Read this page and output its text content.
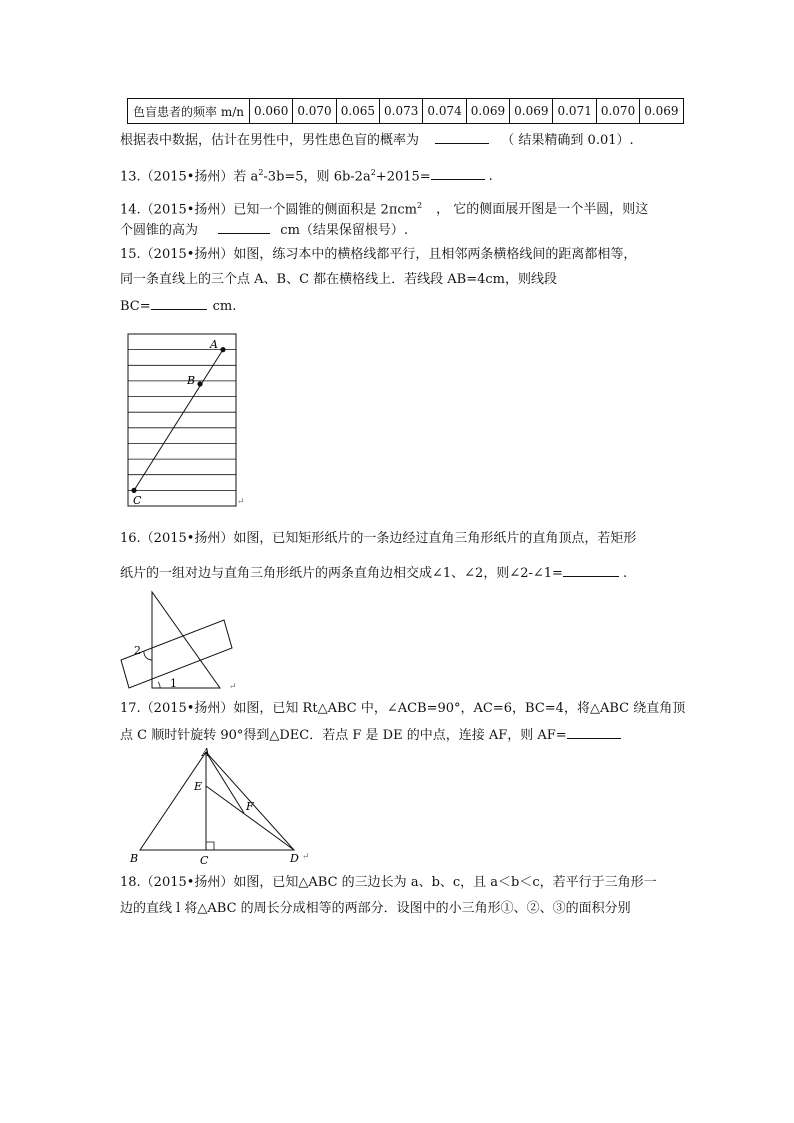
色盲患者的频率 m/n	0.060	0.070	0.065	0.073	0.074	0.069	0.069	0.071	0.070	0.069
根据表中数据，估计在男性中，男性患色盲的概率为	（ 结果精确到 0.01）.
13.（2015•扬州）若 $a^2-3b=5$，则 $6b-2a^2+2015=$	.
14.（2015•扬州）已知一个圆锥的侧面积是 2πcm$^2$ ， 它的侧面展开图是一个半圆，则这
个圆锥的高为	cm（结果保留根号）.
15.（2015•扬州）如图，练习本中的横格线都平行，且相邻两条横格线间的距离都相等，
同一条直线上的三个点 A、B、C 都在横格线上．若线段 AB=4cm，则线段
BC=	cm.
A
B
C	↵
16.（2015•扬州）如图，已知矩形纸片的一条边经过直角三角形纸片的直角顶点，若矩形
纸片的一组对边与直角三角形纸片的两条直角边相交成∠1、∠2，则∠2-∠1=	.
2
1	↵
17.（2015•扬州）如图，已知 Rt△ABC 中，∠ACB=90°，AC=6，BC=4，将△ABC 绕直角顶
点 C 顺时针旋转 90°得到△DEC．若点 F 是 DE 的中点，连接 AF，则 AF=
A
E
F
B	C	D ↵
18.（2015•扬州）如图，已知△ABC 的三边长为 a、b、c，且 a＜b＜c，若平行于三角形一
边的直线 l 将△ABC 的周长分成相等的两部分．设图中的小三角形①、②、③的面积分别
